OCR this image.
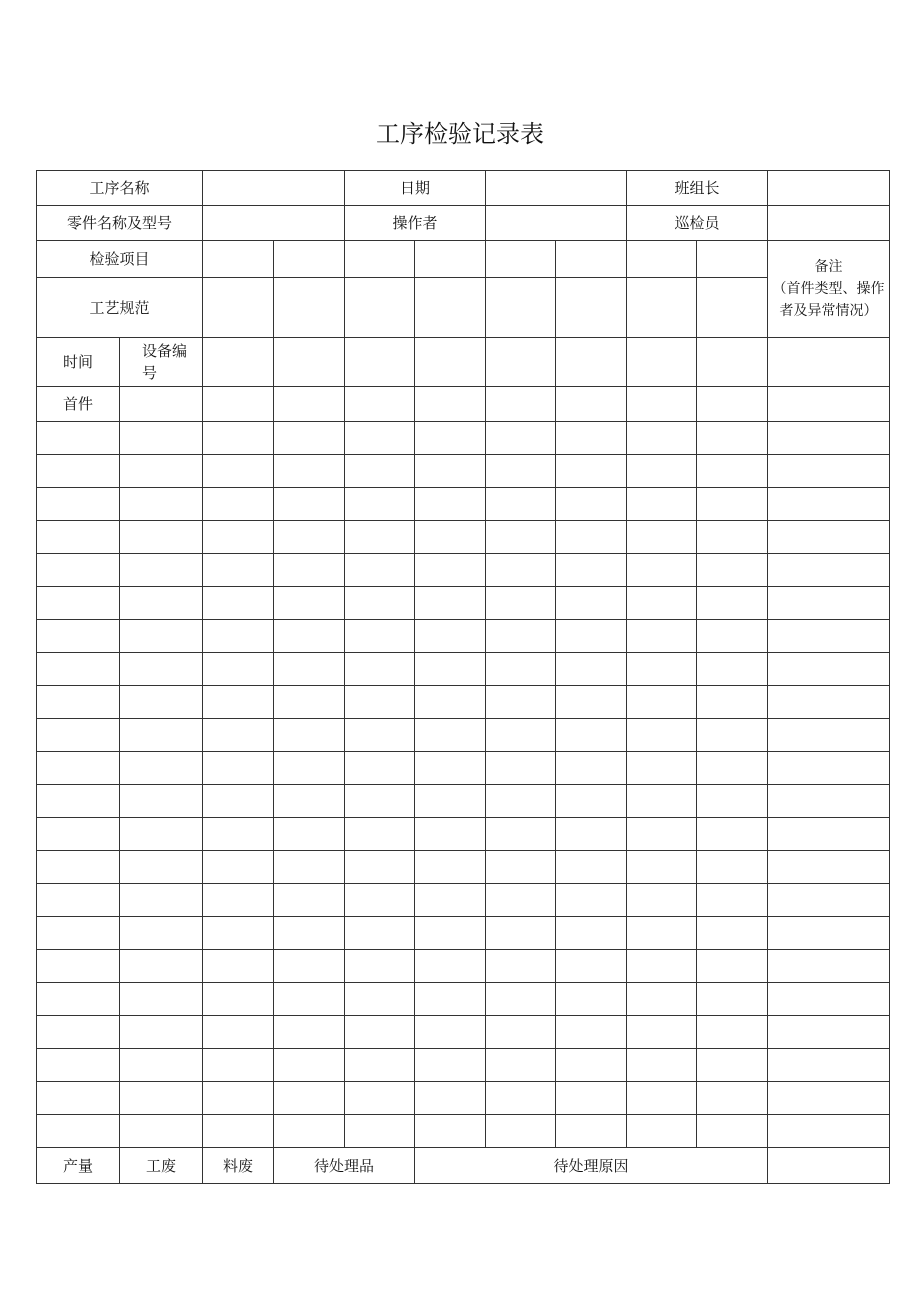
工序检验记录表
工序名称				日期				班组长		
零件名称及型号				操作者				巡检员		
检验项目										备注
（首件类型、操作者及异常情况）

工艺规范										
时间	设备编号									
首件										

产量	工废	料废	待处理品		待处理原因					
